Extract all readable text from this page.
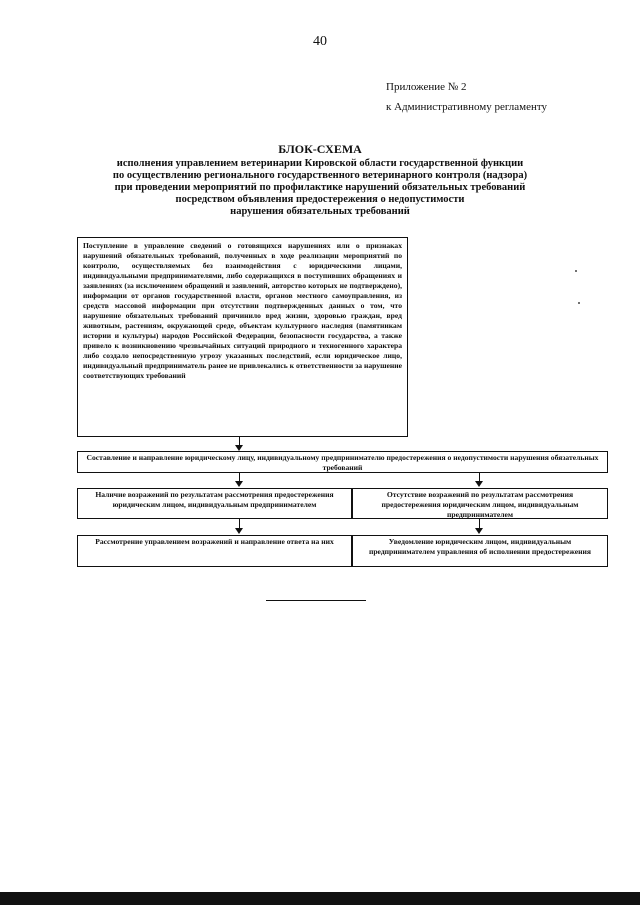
40
Приложение № 2
к Административному регламенту
БЛОК-СХЕМА
исполнения управлением ветеринарии Кировской области государственной функции
по осуществлению регионального государственного ветеринарного контроля (надзора)
при проведении мероприятий по профилактике нарушений обязательных требований
посредством объявления предостережения о недопустимости
нарушения обязательных требований
Поступление в управление сведений о готовящихся нарушениях или о признаках нарушений обязательных требований, полученных в ходе реализации мероприятий по контролю, осуществляемых без взаимодействия с юридическими лицами, индивидуальными предпринимателями, либо содержащихся в поступивших обращениях и заявлениях (за исключением обращений и заявлений, авторство которых не подтверждено), информации от органов государственной власти, органов местного самоуправления, из средств массовой информации при отсутствии подтвержденных данных о том, что нарушение обязательных требований причинило вред жизни, здоровью граждан, вред животным, растениям, окружающей среде, объектам культурного наследия (памятникам истории и культуры) народов Российской Федерации, безопасности государства, а также привело к возникновению чрезвычайных ситуаций природного и техногенного характера либо создало непосредственную угрозу указанных последствий, если юридическое лицо, индивидуальный предприниматель ранее не привлекались к ответственности за нарушение соответствующих требований
Составление и направление юридическому лицу, индивидуальному предпринимателю предостережения о недопустимости нарушения обязательных требований
Наличие возражений по результатам рассмотрения предостережения юридическим лицом, индивидуальным предпринимателем
Отсутствие возражений по результатам рассмотрения предостережения юридическим лицом, индивидуальным предпринимателем
Рассмотрение управлением возражений и направление ответа на них	Уведомление юридическим лицом, индивидуальным предпринимателем управления об исполнении предостережения
